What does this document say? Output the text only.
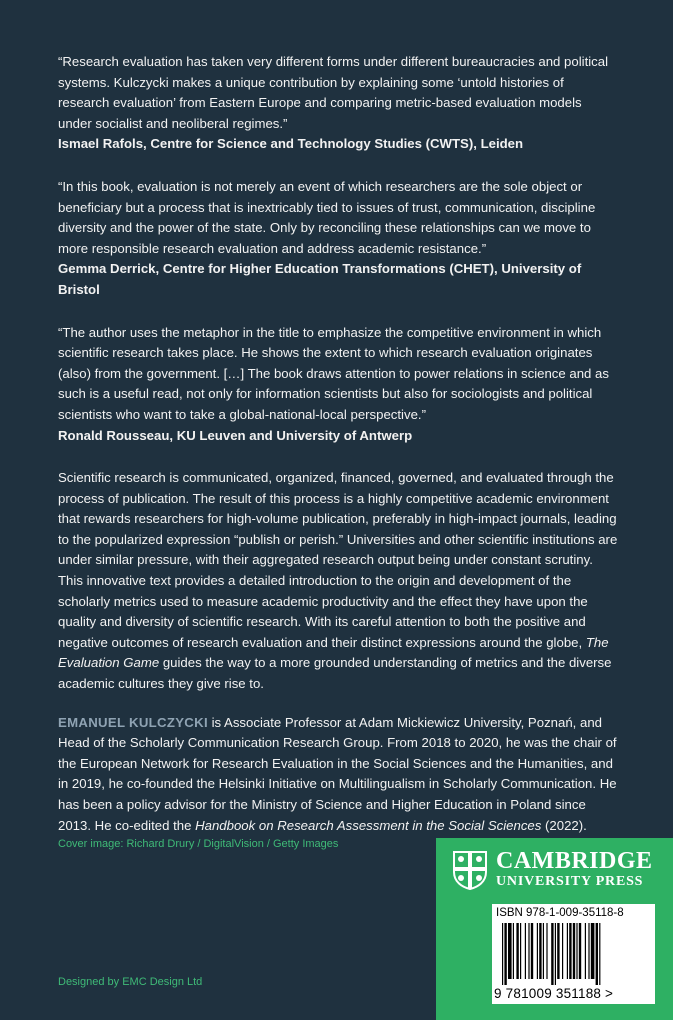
“Research evaluation has taken very different forms under different bureaucracies and political systems. Kulczycki makes a unique contribution by explaining some ‘untold histories of research evaluation’ from Eastern Europe and comparing metric-based evaluation models under socialist and neoliberal regimes.”

Ismael Rafols, Centre for Science and Technology Studies (CWTS), Leiden

“In this book, evaluation is not merely an event of which researchers are the sole object or beneficiary but a process that is inextricably tied to issues of trust, communication, discipline diversity and the power of the state. Only by reconciling these relationships can we move to more responsible research evaluation and address academic resistance.”

Gemma Derrick, Centre for Higher Education Transformations (CHET), University of Bristol

“The author uses the metaphor in the title to emphasize the competitive environment in which scientific research takes place. He shows the extent to which research evaluation originates (also) from the government. […] The book draws attention to power relations in science and as such is a useful read, not only for information scientists but also for sociologists and political scientists who want to take a global-national-local perspective.”

Ronald Rousseau, KU Leuven and University of Antwerp

Scientific research is communicated, organized, financed, governed, and evaluated through the process of publication. The result of this process is a highly competitive academic environment that rewards researchers for high-volume publication, preferably in high-impact journals, leading to the popularized expression “publish or perish.” Universities and other scientific institutions are under similar pressure, with their aggregated research output being under constant scrutiny. This innovative text provides a detailed introduction to the origin and development of the scholarly metrics used to measure academic productivity and the effect they have upon the quality and diversity of scientific research. With its careful attention to both the positive and negative outcomes of research evaluation and their distinct expressions around the globe, The Evaluation Game guides the way to a more grounded understanding of metrics and the diverse academic cultures they give rise to.

EMANUEL KULCZYCKI is Associate Professor at Adam Mickiewicz University, Poznań, and Head of the Scholarly Communication Research Group. From 2018 to 2020, he was the chair of the European Network for Research Evaluation in the Social Sciences and the Humanities, and in 2019, he co-founded the Helsinki Initiative on Multilingualism in Scholarly Communication. He has been a policy advisor for the Ministry of Science and Higher Education in Poland since 2013. He co-edited the Handbook on Research Assessment in the Social Sciences (2022).

Cover image: Richard Drury / DigitalVision / Getty Images
Designed by EMC Design Ltd
CAMBRIDGE
UNIVERSITY PRESS
ISBN 978-1-009-35118-8
9 781009 351188 >
